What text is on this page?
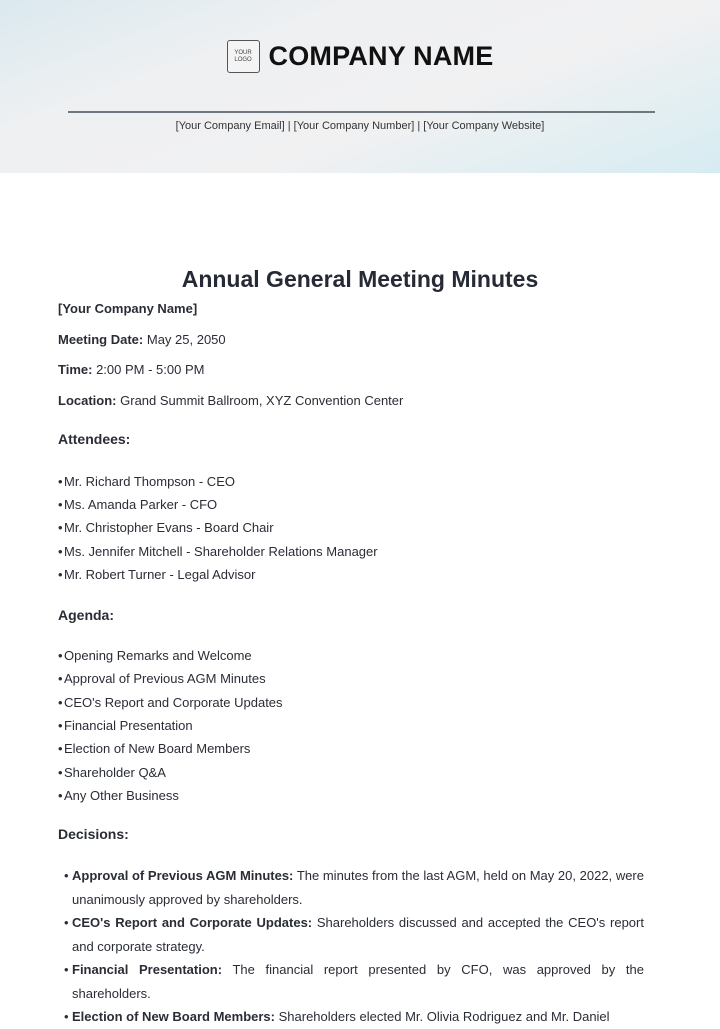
YOUR LOGO COMPANY NAME
[Your Company Email] | [Your Company Number] | [Your Company Website]
Annual General Meeting Minutes
[Your Company Name]
Meeting Date: May 25, 2050
Time: 2:00 PM - 5:00 PM
Location: Grand Summit Ballroom, XYZ Convention Center
Attendees:
• Mr. Richard Thompson - CEO
• Ms. Amanda Parker - CFO
• Mr. Christopher Evans - Board Chair
• Ms. Jennifer Mitchell - Shareholder Relations Manager
• Mr. Robert Turner - Legal Advisor
Agenda:
• Opening Remarks and Welcome
• Approval of Previous AGM Minutes
• CEO's Report and Corporate Updates
• Financial Presentation
• Election of New Board Members
• Shareholder Q&A
• Any Other Business
Decisions:
• Approval of Previous AGM Minutes: The minutes from the last AGM, held on May 20, 2022, were unanimously approved by shareholders.
• CEO's Report and Corporate Updates: Shareholders discussed and accepted the CEO's report and corporate strategy.
• Financial Presentation: The financial report presented by CFO, was approved by the shareholders.
• Election of New Board Members: Shareholders elected Mr. Olivia Rodriguez and Mr. Daniel
